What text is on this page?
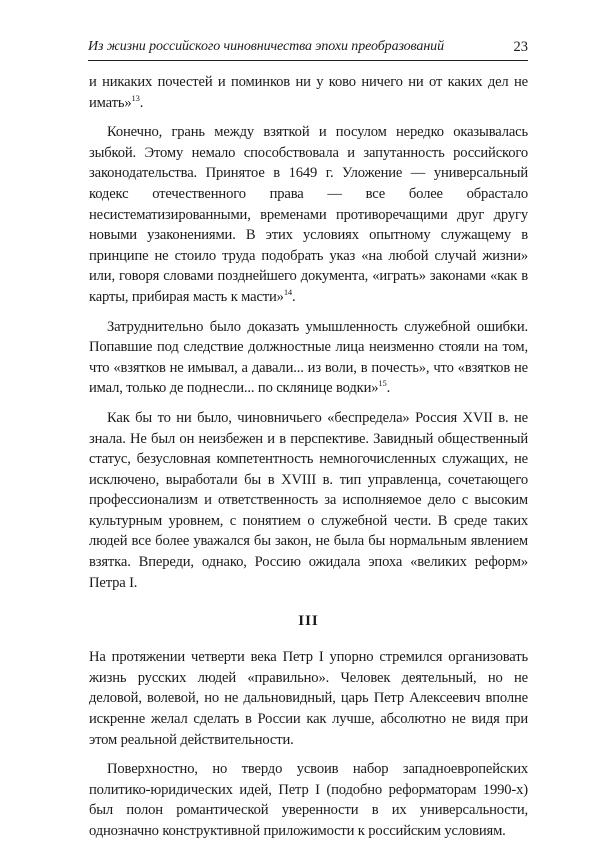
Из жизни российского чиновничества эпохи преобразований	23

и никаких почестей и поминков ни у ково ничего ни от каких дел не имать»$^{13}$.

Конечно, грань между взяткой и посулом нередко оказывалась зыбкой. Этому немало способствовала и запутанность российского законодательства. Принятое в 1649 г. Уложение — универсальный кодекс отечественного права — все более обрастало несистематизированными, временами противоречащими друг другу новыми узаконениями. В этих условиях опытному служащему в принципе не стоило труда подобрать указ «на любой случай жизни» или, говоря словами позднейшего документа, «играть» законами «как в карты, прибирая масть к масти»$^{14}$.

Затруднительно было доказать умышленность служебной ошибки. Попавшие под следствие должностные лица неизменно стояли на том, что «взятков не имывал, а давали... из воли, в почесть», что «взятков не имал, только де поднесли... по склянице водки»$^{15}$.

Как бы то ни было, чиновничьего «беспредела» Россия XVII в. не знала. Не был он неизбежен и в перспективе. Завидный общественный статус, безусловная компетентность немногочисленных служащих, не исключено, выработали бы в XVIII в. тип управленца, сочетающего профессионализм и ответственность за исполняемое дело с высоким культурным уровнем, с понятием о служебной чести. В среде таких людей все более уважался бы закон, не была бы нормальным явлением взятка. Впереди, однако, Россию ожидала эпоха «великих реформ» Петра I.

III

На протяжении четверти века Петр I упорно стремился организовать жизнь русских людей «правильно». Человек деятельный, но не деловой, волевой, но не дальновидный, царь Петр Алексеевич вполне искренне желал сделать в России как лучше, абсолютно не видя при этом реальной действительности.

Поверхностно, но твердо усвоив набор западноевропейских политико-юридических идей, Петр I (подобно реформаторам 1990-х) был полон романтической уверенности в их универсальности, однозначно конструктивной приложимости к российским условиям.
